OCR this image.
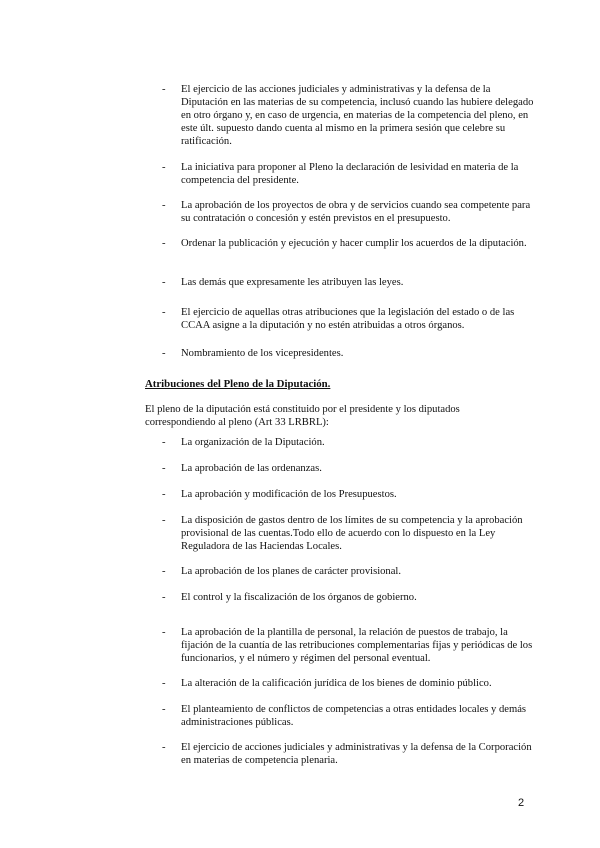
- El ejercicio de las acciones judiciales y administrativas y la defensa de la Diputación en las materias de su competencia, inclusó cuando las hubiere delegado en otro órgano y, en caso de urgencia, en materias de la competencia del pleno, en este últ. supuesto dando cuenta al mismo en la primera sesión que celebre su ratificación.
- La iniciativa para proponer al Pleno la declaración de lesividad en materia de la competencia del presidente.
- La aprobación de los proyectos de obra y de servicios cuando sea competente para su contratación o concesión y estén previstos en el presupuesto.
- Ordenar la publicación y ejecución y hacer cumplir los acuerdos de la diputación.
- Las demás que expresamente les atribuyen las leyes.
- El ejercicio de aquellas otras atribuciones que la legislación del estado o de las CCAA asigne a la diputación y no estén atribuidas a otros órganos.
- Nombramiento de los vicepresidentes.
Atribuciones del Pleno de la Diputación.
El pleno de la diputación está constituido por el presidente y los diputados correspondiendo al pleno (Art 33 LRBRL):
- La organización de la Diputación.
- La aprobación de las ordenanzas.
- La aprobación y modificación de los Presupuestos.
- La disposición de gastos dentro de los límites de su competencia y la aprobación provisional de las cuentas.Todo ello de acuerdo con lo dispuesto en la Ley Reguladora de las Haciendas Locales.
- La aprobación de los planes de carácter provisional.
- El control y la fiscalización de los órganos de gobierno.
- La aprobación de la plantilla de personal, la relación de puestos de trabajo, la fijación de la cuantía de las retribuciones complementarias fijas y periódicas de los funcionarios, y el número y régimen del personal eventual.
- La alteración de la calificación jurídica de los bienes de dominio público.
- El planteamiento de conflictos de competencias a otras entidades locales y demás administraciones públicas.
- El ejercicio de acciones judiciales y administrativas y la defensa de la Corporación en materias de competencia plenaria.
2
